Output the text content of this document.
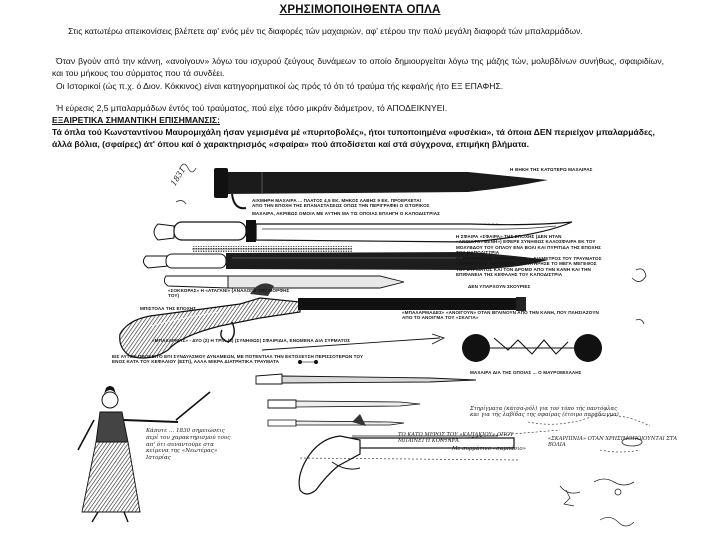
ΧΡΗΣΙΜΟΠΟΙΗΘΕΝΤΑ ΟΠΛΑ

Στις κατωτέρω απεικονίσεις βλέπετε αφ' ενός μέν τις διαφορές τών μαχαιριών, αφ' ετέρου την πολύ μεγάλη διαφορά τών μπαλαρμάδων.

Όταν βγούν από την κάννη, «ανοίγουν» λόγω του ισχυρού ζεύγους δυνάμεων το οποίο δημιουργείται λόγω της μάζης τών, μολυβδίνων συνήθως, σφαιριδίων, και του μήκους του σύρματος που τά συνδέει.

Οι Ιστορικοί (ώς π.χ. ό Διον. Κόκκινος) είναι κατηγορηματικοί ώς πρός τό ότι τό τραύμα τής κεφαλής ήτο ΕΞ ΕΠΑΦΗΣ.

Ή εύρεσις 2,5 μπαλαρμάδων έντός τού τραύματος, πού είχε τόσο μικράν διάμετρον, τό ΑΠΟΔΕΙΚΝΥΕΙ.

ΕΞΑΙΡΕΤΙΚΑ ΣΗΜΑΝΤΙΚΗ ΕΠΙΣΗΜΑΝΣΙΣ:
Τά όπλα τού Κωνσταντίνου Μαυρομιχάλη ήσαν γεμισμένα μέ «πυριτοβολές», ήτοι τυποποιημένα «φυσέκια», τά όποια ΔΕΝ περιείχον μπαλαρμάδες, άλλά βόλια, (σφαίρες) άτ' όπου καί ό χαρακτηρισμός «σφαίρα» πού άποδίσεται καί στά σύγχρονα, επιμήκη βλήματα.
1831	Η ΘΗΚΗ ΤΗΣ ΚΑΤΩΤΕΡΩ ΜΑΧΑΙΡΑΣ
ΑΙΧΜΗΡΗ ΜΑΧΑΙΡΑ ... ΠΛΑΤΟΣ 4,5 ΕΚ. ΜΗΚΟΣ ΛΑΒΗΣ 9 ΕΚ. ΠΡΟΕΡΧΕΤΑΙ ΑΠΟ ΤΗΝ ΕΠΟΧΗ ΤΗΣ ΕΠΑΝΑΣΤΑΣΕΩΣ ΟΠΩΣ ΤΗΝ ΠΕΡΙΓΡΑΦΕΙ Ο ΙΣΤΟΡΙΚΟΣ
ΜΑΧΑΙΡΑ, ΑΚΡΙΒΩΣ ΟΜΟΙΑ ΜΕ ΑΥΤΗΝ ΜΑ ΤΙΣ ΟΠΟΙΑΣ ΕΠΛΗΓΗ Ο ΚΑΠΟΔΙΣΤΡΙΑΣ
Η ΣΦΑΙΡΑ «ΣΦΑΙΡΑ» ΤΗΣ ΕΠΟΧΗΣ (ΔΕΝ ΗΤΑΝ «ΑΝΟΙΚΤΟΥΜΕΝΗ») ΕΦΕΡΕ ΣΥΝΗΘΩΣ ΚΑΛΟΣΦΑΙΡΑ ΕΚ ΤΟΥ ΜΟΛΥΒΔΟΥ ΤΟΥ ΟΠΛΟΥ ΕΝΑ ΒΟΛΙ ΚΑΙ ΠΥΡΙΤΙΔΑ ΤΗΣ ΕΠΟΧΗΣ ΤΟΥ ΚΑΠΟΔΙΣΤΡΙΑ
ΜΠΑΛΑΡΜΑΔΕΣ ΜΑΧΑΙΡΙΔΙΩΝ ... ΔΙΑΜΕΤΡΟΣ ΤΟΥ ΤΡΑΥΜΑΤΟΣ ΠΕΡΙΠΟΥ ΕΝΑ ΕΚΑΤΟΣΤΟ. ΠΑΡΑΤΗΡΗΣΕ ΤΟ ΜΕΓΑ ΜΕΓΕΘΟΣ ΤΟΥ ΣΥΡΜΑΤΟΣ ΚΑΙ ΤΟΝ ΔΡΟΜΟ ΑΠΟ ΤΗΝ ΚΑΝΗ ΚΑΙ ΤΗΝ ΕΠΙΦΑΝΕΙΑ ΤΗΣ ΚΕΦΑΛΗΣ ΤΟΥ ΚΑΠΟΔΙΣΤΡΙΑ
«ΣΟΚΚΟΡΑΣ» Η «ΑΤΑΓΑΝΙ» (ΑΝΑΛΟΓΗ ΤΗΣ ΜΟΡΦΗΣ ΤΟΥ)
ΜΠΙΣΤΟΛΑ ΤΗΣ ΕΠΟΧΗΣ
ΔΕΝ ΥΠΑΡΧΟΥΝ ΣΚΟΥΡΙΕΣ
«ΜΠΑΛΑΡΜΑΔΕΣ» «ΑΝΟΙΓΟΥΝ» ΟΤΑΝ ΒΓΑΙΝΟΥΝ ΑΠΟ ΤΗΝ ΚΑΝΗ, ΠΟΥ ΠΛΗΣΙΑΖΟΥΝ ΑΠΟ ΤΟ ΑΝΟΙΓΜΑ ΤΟΥ «ΣΚΑΓΙΑ»
«ΜΠΑΛΑΡΜΑΣ» - ΔΥΟ (2) Η ΤΡΙΑ (3) (ΣΥΝΗΘΩΣ) ΣΦΑΙΡΙΔΙΑ, ΕΝΩΜΕΝΑ ΔΙΑ ΣΥΡΜΑΤΟΣ
ΕΙΣ ΑΥΤΟΝ ΠΡΟΚΕΙΤΟ ΕΠΙ ΣΥΝΔΥΑΣΜΟΥ ΔΥΝΑΜΕΩΝ, ΜΕ ΠΟΤΕΝΤΙΑΛ ΤΗΝ ΕΚΤΟΞΕΥΣΗ ΠΕΡΙΣΣΟΤΕΡΩΝ ΤΟΥ ΕΝΟΣ ΚΑΤΑ ΤΟΥ ΚΕΦΑΛΙΟΥ (ΕΣΤΙ), ΑΛΛΑ ΜΙΚΡΑ ΔΙΑΤΡΗΤΙΚΑ ΤΡΑΥΜΑΤΑ
ΜΑΧΑΙΡΑ ΔΙΑ ΤΗΣ ΟΠΟΙΑΣ ... Ο ΜΑΥΡΟΜΙΧΑΛΗΣ
Στηρίγματα (κάτσα-ρόλ) για τον τύπο τής παντόφλας και για τής λαβίδας της σφαίρας (έτοιμο παράδειγμα)
«ΣΚΑΡΠΙΝΙΑ» ΟΤΑΝ ΧΡΗΣΙΜΟΠΟΙΟΥΝΤΑΙ ΣΤΑ ΒΟΛΙΑ
ΤΟ ΚΑΤΩ ΜΕΡΟΣ ΤΟΥ «ΚΑΠΑΚΙΟΥ» ΟΠΟΥ ΜΠΑΙΝΕΙ Η ΚΟΝΤΑΡΑ
Με συρμάτινο «σαμπάνιο»
Κάποτε ... 1830 σημειώσεις περί του χαρακτηρισμού τους απ' ότι συναντούμε στα κείμενα της «Νεωτέρας» Ιστορίας
